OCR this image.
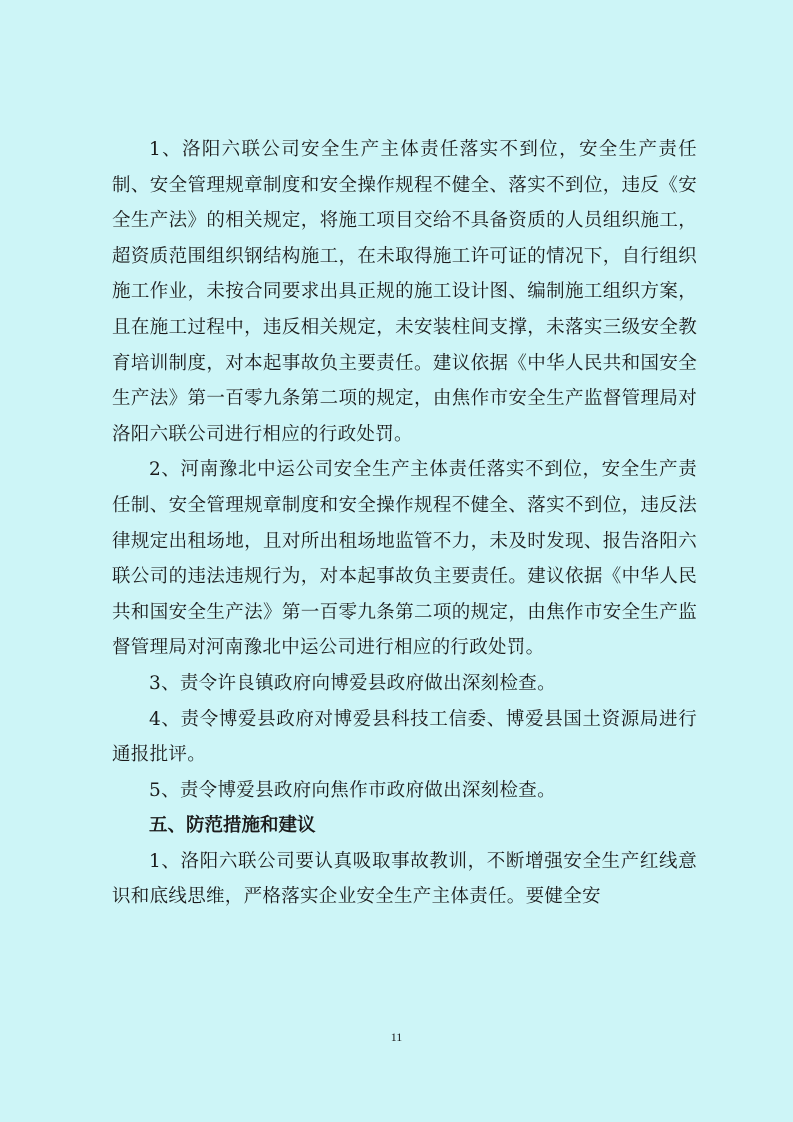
1、洛阳六联公司安全生产主体责任落实不到位，安全生产责任制、安全管理规章制度和安全操作规程不健全、落实不到位，违反《安全生产法》的相关规定，将施工项目交给不具备资质的人员组织施工，超资质范围组织钢结构施工，在未取得施工许可证的情况下，自行组织施工作业，未按合同要求出具正规的施工设计图、编制施工组织方案，且在施工过程中，违反相关规定，未安装柱间支撑，未落实三级安全教育培训制度，对本起事故负主要责任。建议依据《中华人民共和国安全生产法》第一百零九条第二项的规定，由焦作市安全生产监督管理局对洛阳六联公司进行相应的行政处罚。

2、河南豫北中运公司安全生产主体责任落实不到位，安全生产责任制、安全管理规章制度和安全操作规程不健全、落实不到位，违反法律规定出租场地，且对所出租场地监管不力，未及时发现、报告洛阳六联公司的违法违规行为，对本起事故负主要责任。建议依据《中华人民共和国安全生产法》第一百零九条第二项的规定，由焦作市安全生产监督管理局对河南豫北中运公司进行相应的行政处罚。

3、责令许良镇政府向博爱县政府做出深刻检查。

4、责令博爱县政府对博爱县科技工信委、博爱县国土资源局进行通报批评。

5、责令博爱县政府向焦作市政府做出深刻检查。

五、防范措施和建议

1、洛阳六联公司要认真吸取事故教训，不断增强安全生产红线意识和底线思维，严格落实企业安全生产主体责任。要健全安

11
